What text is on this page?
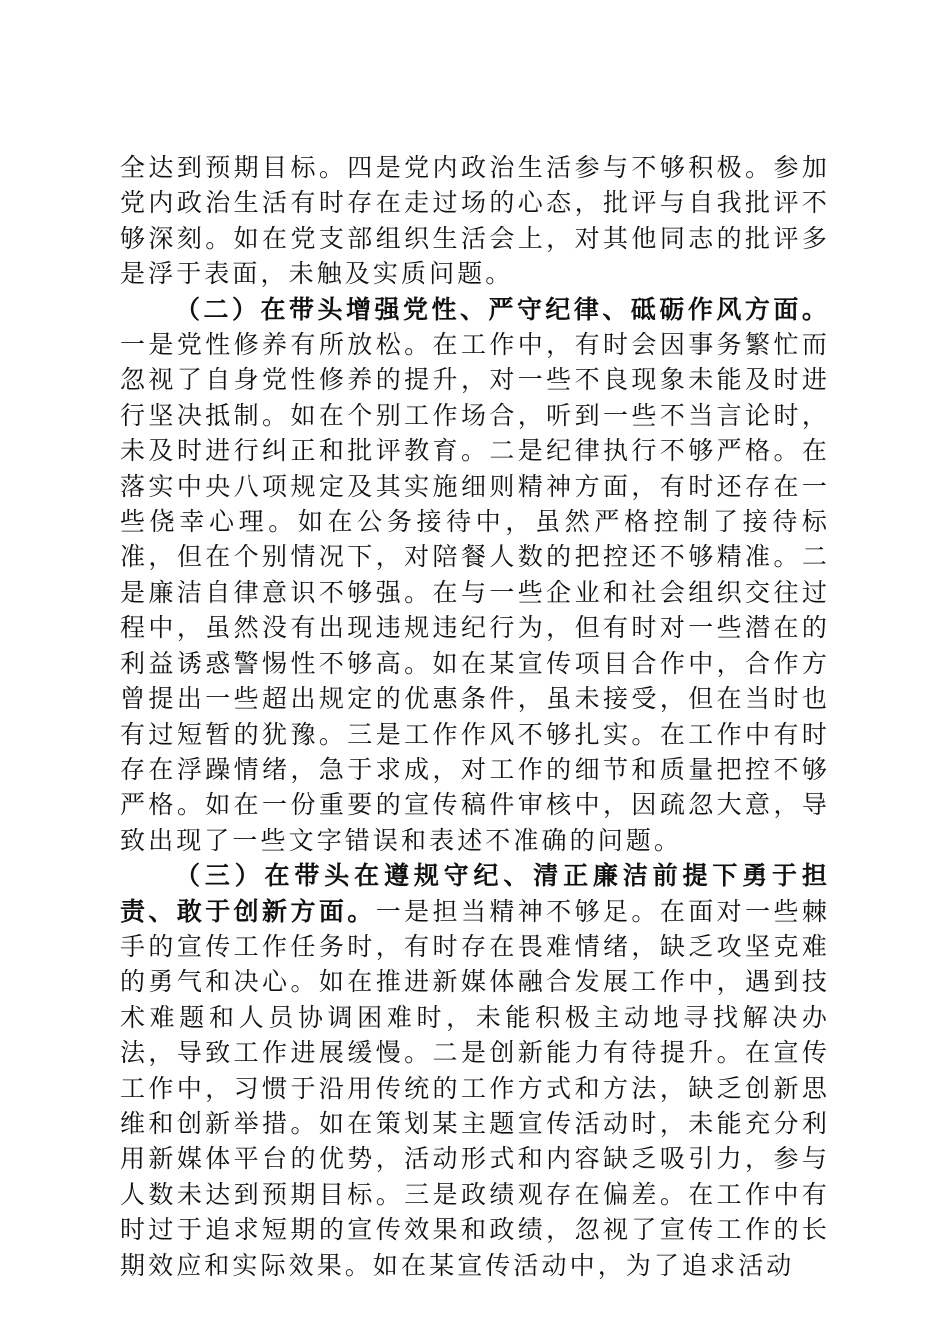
全达到预期目标。四是党内政治生活参与不够积极。参加党内政治生活有时存在走过场的心态，批评与自我批评不够深刻。如在党支部组织生活会上，对其他同志的批评多是浮于表面，未触及实质问题。

（二）在带头增强党性、严守纪律、砥砺作风方面。一是党性修养有所放松。在工作中，有时会因事务繁忙而忽视了自身党性修养的提升，对一些不良现象未能及时进行坚决抵制。如在个别工作场合，听到一些不当言论时，未及时进行纠正和批评教育。二是纪律执行不够严格。在落实中央八项规定及其实施细则精神方面，有时还存在一些侥幸心理。如在公务接待中，虽然严格控制了接待标准，但在个别情况下，对陪餐人数的把控还不够精准。二是廉洁自律意识不够强。在与一些企业和社会组织交往过程中，虽然没有出现违规违纪行为，但有时对一些潜在的利益诱惑警惕性不够高。如在某宣传项目合作中，合作方曾提出一些超出规定的优惠条件，虽未接受，但在当时也有过短暂的犹豫。三是工作作风不够扎实。在工作中有时存在浮躁情绪，急于求成，对工作的细节和质量把控不够严格。如在一份重要的宣传稿件审核中，因疏忽大意，导致出现了一些文字错误和表述不准确的问题。

（三）在带头在遵规守纪、清正廉洁前提下勇于担责、敢于创新方面。一是担当精神不够足。在面对一些棘手的宣传工作任务时，有时存在畏难情绪，缺乏攻坚克难的勇气和决心。如在推进新媒体融合发展工作中，遇到技术难题和人员协调困难时，未能积极主动地寻找解决办法，导致工作进展缓慢。二是创新能力有待提升。在宣传工作中，习惯于沿用传统的工作方式和方法，缺乏创新思维和创新举措。如在策划某主题宣传活动时，未能充分利用新媒体平台的优势，活动形式和内容缺乏吸引力，参与人数未达到预期目标。三是政绩观存在偏差。在工作中有时过于追求短期的宣传效果和政绩，忽视了宣传工作的长期效应和实际效果。如在某宣传活动中，为了追求活动
